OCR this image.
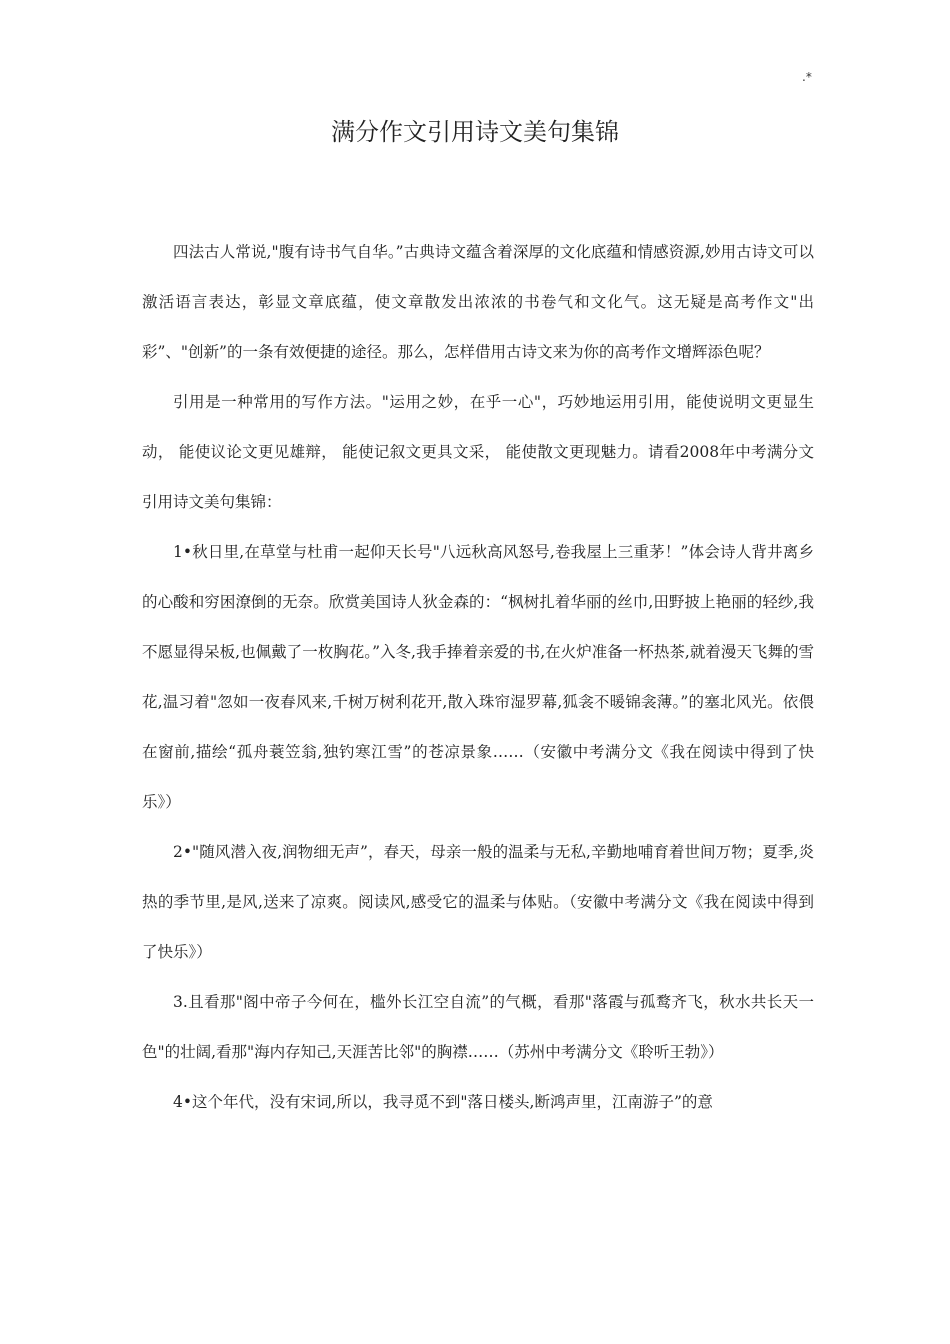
.*
满分作文引用诗文美句集锦

四法古人常说,"腹有诗书气自华。”古典诗文蕴含着深厚的文化底蕴和情感资源,妙用古诗文可以激活语言表达，彰显文章底蕴，使文章散发出浓浓的书卷气和文化气。这无疑是高考作文"出彩”、"创新”的一条有效便捷的途径。那么，怎样借用古诗文来为你的高考作文增辉添色呢？

引用是一种常用的写作方法。"运用之妙，在乎一心"，巧妙地运用引用，能使说明文更显生动， 能使议论文更见雄辩， 能使记叙文更具文采， 能使散文更现魅力。请看2008年中考满分文引用诗文美句集锦：

1•秋日里,在草堂与杜甫一起仰天长号"八远秋高风怒号,卷我屋上三重茅！”体会诗人背井离乡的心酸和穷困潦倒的无奈。欣赏美国诗人狄金森的：“枫树扎着华丽的丝巾,田野披上艳丽的轻纱,我不愿显得呆板,也佩戴了一枚胸花。”入冬,我手捧着亲爱的书,在火炉准备一杯热茶,就着漫天飞舞的雪花,温习着"忽如一夜春风来,千树万树利花开,散入珠帘湿罗幕,狐衾不暖锦衾薄。”的塞北风光。依偎在窗前,描绘“孤舟蓑笠翁,独钓寒江雪”的苍凉景象……（安徽中考满分文《我在阅读中得到了快乐》）

2•"随风潜入夜,润物细无声”，春天，母亲一般的温柔与无私,辛勤地哺育着世间万物；夏季,炎热的季节里,是风,送来了凉爽。阅读风,感受它的温柔与体贴。（安徽中考满分文《我在阅读中得到了快乐》）

3.且看那"阁中帝子今何在，槛外长江空自流”的气概，看那"落霞与孤鹜齐飞，秋水共长天一色"的壮阔,看那"海内存知己,天涯苦比邻"的胸襟……（苏州中考满分文《聆听王勃》）

4•这个年代，没有宋词,所以，我寻觅不到"落日楼头,断鸿声里，江南游子”的意
